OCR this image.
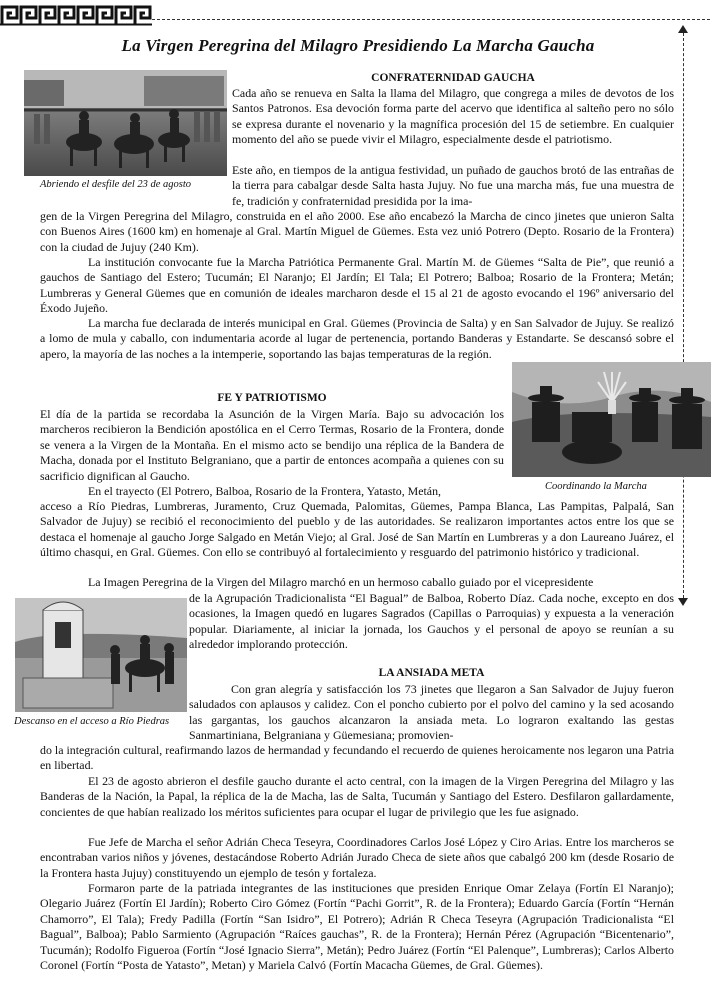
La Virgen Peregrina del Milagro Presidiendo La Marcha Gaucha
Abriendo el desfile del 23 de agosto
Coordinando la Marcha
Descanso en el acceso a Río Piedras
CONFRATERNIDAD GAUCHA

Cada año se renueva en Salta la llama del Milagro, que congrega a miles de devotos de los Santos Patronos. Esa devoción forma parte del acervo que identifica al salteño pero no sólo se expresa durante el novenario y la magnífica procesión del 15 de setiembre. En cualquier momento del año se puede vivir el Milagro, especialmente desde el patriotismo.

Este año, en tiempos de la antigua festividad, un puñado de gauchos brotó de las entrañas de la tierra para cabalgar desde Salta hasta Jujuy. No fue una marcha más, fue una muestra de fe, tradición y confraternidad presidida por la ima-

gen de la Virgen Peregrina del Milagro, construida en el año 2000. Ese año encabezó la Marcha de cinco jinetes que unieron Salta con Buenos Aires (1600 km) en homenaje al Gral. Martín Miguel de Güemes. Esta vez unió Potrero (Depto. Rosario de la Frontera) con la ciudad de Jujuy (240 Km).

La institución convocante fue la Marcha Patriótica Permanente Gral. Martín M. de Güemes “Salta de Pie”, que reunió a gauchos de Santiago del Estero; Tucumán; El Naranjo; El Jardín; El Tala; El Potrero; Balboa; Rosario de la Frontera; Metán; Lumbreras y General Güemes que en comunión de ideales marcharon desde el 15 al 21 de agosto evocando el 196º aniversario del Éxodo Jujeño.

La marcha fue declarada de interés municipal en Gral. Güemes (Provincia de Salta) y en San Salvador de Jujuy. Se realizó a lomo de mula y caballo, con indumentaria acorde al lugar de pertenencia, portando Banderas y Estandarte. Se descansó sobre el apero, la mayoría de las noches a la intemperie, soportando las bajas temperaturas de la región.

FE Y PATRIOTISMO

El día de la partida se recordaba la Asunción de la Virgen María. Bajo su advocación los marcheros recibieron la Bendición apostólica en el Cerro Termas, Rosario de la Frontera, donde se venera a la Virgen de la Montaña. En el mismo acto se bendijo una réplica de la Bandera de Macha, donada por el Instituto Belgraniano, que a partir de entonces acompaña a quienes con su sacrificio dignifican al Gaucho.

En el trayecto (El Potrero, Balboa, Rosario de la Frontera, Yatasto, Metán,

acceso a Río Piedras, Lumbreras, Juramento, Cruz Quemada, Palomitas, Güemes, Pampa Blanca, Las Pampitas, Palpalá, San Salvador de Jujuy) se recibió el reconocimiento del pueblo y de las autoridades. Se realizaron importantes actos entre los que se destaca el homenaje al gaucho Jorge Salgado en Metán Viejo; al Gral. José de San Martín en Lumbreras y a don Laureano Juárez, el último chasqui, en Gral. Güemes. Con ello se contribuyó al fortalecimiento y resguardo del patrimonio histórico y tradicional.

La Imagen Peregrina de la Virgen del Milagro marchó en un hermoso caballo guiado por el vicepresidente

de la Agrupación Tradicionalista “El Bagual” de Balboa, Roberto Díaz. Cada noche, excepto en dos ocasiones, la Imagen quedó en lugares Sagrados (Capillas o Parroquias) y expuesta a la veneración popular. Diariamente, al iniciar la jornada, los Gauchos y el personal de apoyo se reunían a su alrededor implorando protección.

LA ANSIADA META

Con gran alegría y satisfacción los 73 jinetes que llegaron a San Salvador de Jujuy fueron saludados con aplausos y calidez. Con el poncho cubierto por el polvo del camino y la sed acosando las gargantas, los gauchos alcanzaron la ansiada meta. Lo lograron exaltando las gestas Sanmartiniana, Belgraniana y Güemesiana; promovien-

do la integración cultural, reafirmando lazos de hermandad y fecundando el recuerdo de quienes heroicamente nos legaron una Patria en libertad.

El 23 de agosto abrieron el desfile gaucho durante el acto central, con la imagen de la Virgen Peregrina del Milagro y las Banderas de la Nación, la Papal, la réplica de la de Macha, las de Salta, Tucumán y Santiago del Estero. Desfilaron gallardamente, concientes de que habían realizado los méritos suficientes para ocupar el lugar de privilegio que les fue asignado.

Fue Jefe de Marcha el señor Adrián Checa Teseyra, Coordinadores Carlos José López y Ciro Arias. Entre los marcheros se encontraban varios niños y jóvenes, destacándose Roberto Adrián Jurado Checa de siete años que cabalgó 200 km (desde Rosario de la Frontera hasta Jujuy) constituyendo un ejemplo de tesón y fortaleza.

Formaron parte de la patriada integrantes de las instituciones que presiden Enrique Omar Zelaya (Fortín El Naranjo); Olegario Juárez (Fortín El Jardín); Roberto Ciro Gómez (Fortín “Pachi Gorrit”, R. de la Frontera); Eduardo García (Fortín “Hernán Chamorro”, El Tala); Fredy Padilla (Fortín “San Isidro”, El Potrero); Adrián R Checa Teseyra (Agrupación Tradicionalista “El Bagual”, Balboa); Pablo Sarmiento (Agrupación “Raíces gauchas”, R. de la Frontera); Hernán Pérez (Agrupación “Bicentenario”, Tucumán); Rodolfo Figueroa (Fortín “José Ignacio Sierra”, Metán); Pedro Juárez (Fortín “El Palenque”, Lumbreras); Carlos Alberto Coronel (Fortín “Posta de Yatasto”, Metan) y Mariela Calvó (Fortín Macacha Güemes, de Gral. Güemes).
